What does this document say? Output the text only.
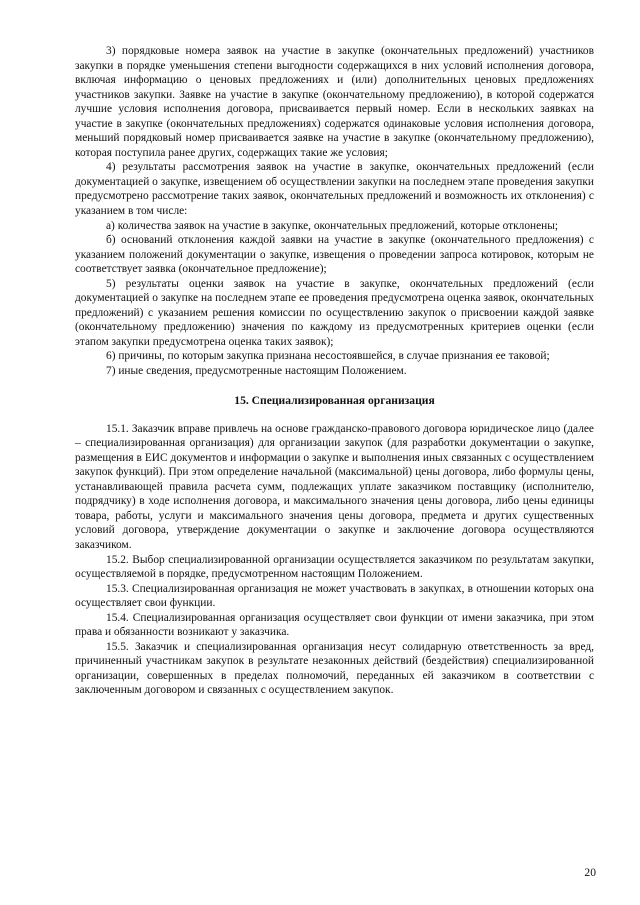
3) порядковые номера заявок на участие в закупке (окончательных предложений) участников закупки в порядке уменьшения степени выгодности содержащихся в них условий исполнения договора, включая информацию о ценовых предложениях и (или) дополнительных ценовых предложениях участников закупки. Заявке на участие в закупке (окончательному предложению), в которой содержатся лучшие условия исполнения договора, присваивается первый номер. Если в нескольких заявках на участие в закупке (окончательных предложениях) содержатся одинаковые условия исполнения договора, меньший порядковый номер присваивается заявке на участие в закупке (окончательному предложению), которая поступила ранее других, содержащих такие же условия;

4) результаты рассмотрения заявок на участие в закупке, окончательных предложений (если документацией о закупке, извещением об осуществлении закупки на последнем этапе проведения закупки предусмотрено рассмотрение таких заявок, окончательных предложений и возможность их отклонения) с указанием в том числе:

а) количества заявок на участие в закупке, окончательных предложений, которые отклонены;

б) оснований отклонения каждой заявки на участие в закупке (окончательного предложения) с указанием положений документации о закупке, извещения о проведении запроса котировок, которым не соответствует заявка (окончательное предложение);

5) результаты оценки заявок на участие в закупке, окончательных предложений (если документацией о закупке на последнем этапе ее проведения предусмотрена оценка заявок, окончательных предложений) с указанием решения комиссии по осуществлению закупок о присвоении каждой заявке (окончательному предложению) значения по каждому из предусмотренных критериев оценки (если этапом закупки предусмотрена оценка таких заявок);

6) причины, по которым закупка признана несостоявшейся, в случае признания ее таковой;

7) иные сведения, предусмотренные настоящим Положением.

15. Специализированная организация

15.1. Заказчик вправе привлечь на основе гражданско-правового договора юридическое лицо (далее – специализированная организация) для организации закупок (для разработки документации о закупке, размещения в ЕИС документов и информации о закупке и выполнения иных связанных с осуществлением закупок функций). При этом определение начальной (максимальной) цены договора, либо формулы цены, устанавливающей правила расчета сумм, подлежащих уплате заказчиком поставщику (исполнителю, подрядчику) в ходе исполнения договора, и максимального значения цены договора, либо цены единицы товара, работы, услуги и максимального значения цены договора, предмета и других существенных условий договора, утверждение документации о закупке и заключение договора осуществляются заказчиком.

15.2. Выбор специализированной организации осуществляется заказчиком по результатам закупки, осуществляемой в порядке, предусмотренном настоящим Положением.

15.3. Специализированная организация не может участвовать в закупках, в отношении которых она осуществляет свои функции.

15.4. Специализированная организация осуществляет свои функции от имени заказчика, при этом права и обязанности возникают у заказчика.

15.5. Заказчик и специализированная организация несут солидарную ответственность за вред, причиненный участникам закупок в результате незаконных действий (бездействия) специализированной организации, совершенных в пределах полномочий, переданных ей заказчиком в соответствии с заключенным договором и связанных с осуществлением закупок.

20
